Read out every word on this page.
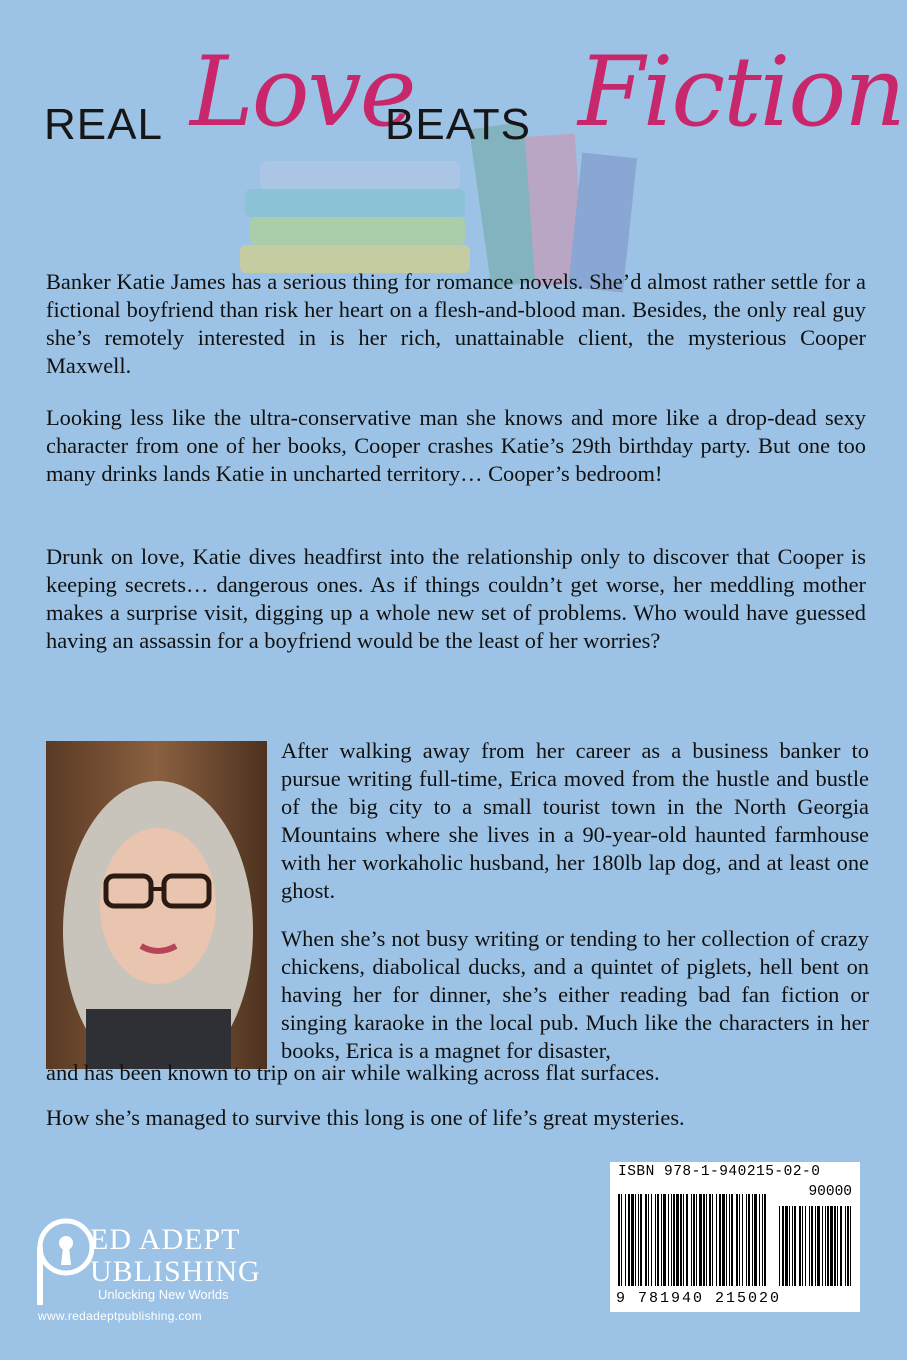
REAL Love
BEATS Fiction

Banker Katie James has a serious thing for romance novels. She’d almost rather settle for a fictional boyfriend than risk her heart on a flesh-and-blood man. Besides, the only real guy she’s remotely interested in is her rich, unattainable client, the mysterious Cooper Maxwell.

Looking less like the ultra-conservative man she knows and more like a drop-dead sexy character from one of her books, Cooper crashes Katie’s 29th birthday party. But one too many drinks lands Katie in uncharted territory… Cooper’s bedroom!

Drunk on love, Katie dives headfirst into the relationship only to discover that Cooper is keeping secrets… dangerous ones. As if things couldn’t get worse, her meddling mother makes a surprise visit, digging up a whole new set of problems. Who would have guessed having an assassin for a boyfriend would be the least of her worries?

After walking away from her career as a business banker to pursue writing full-time, Erica moved from the hustle and bustle of the big city to a small tourist town in the North Georgia Mountains where she lives in a 90-year-old haunted farmhouse with her workaholic husband, her 180lb lap dog, and at least one ghost.

When she’s not busy writing or tending to her collection of crazy chickens, diabolical ducks, and a quintet of piglets, hell bent on having her for dinner, she’s either reading bad fan fiction or singing karaoke in the local pub. Much like the characters in her books, Erica is a magnet for disaster,

and has been known to trip on air while walking across flat surfaces.

How she’s managed to survive this long is one of life’s great mysteries.

ED ADEPT
UBLISHING
Unlocking New Worlds
www.redadeptpublishing.com
ISBN 978-1-940215-02-0
90000
9 781940 215020
